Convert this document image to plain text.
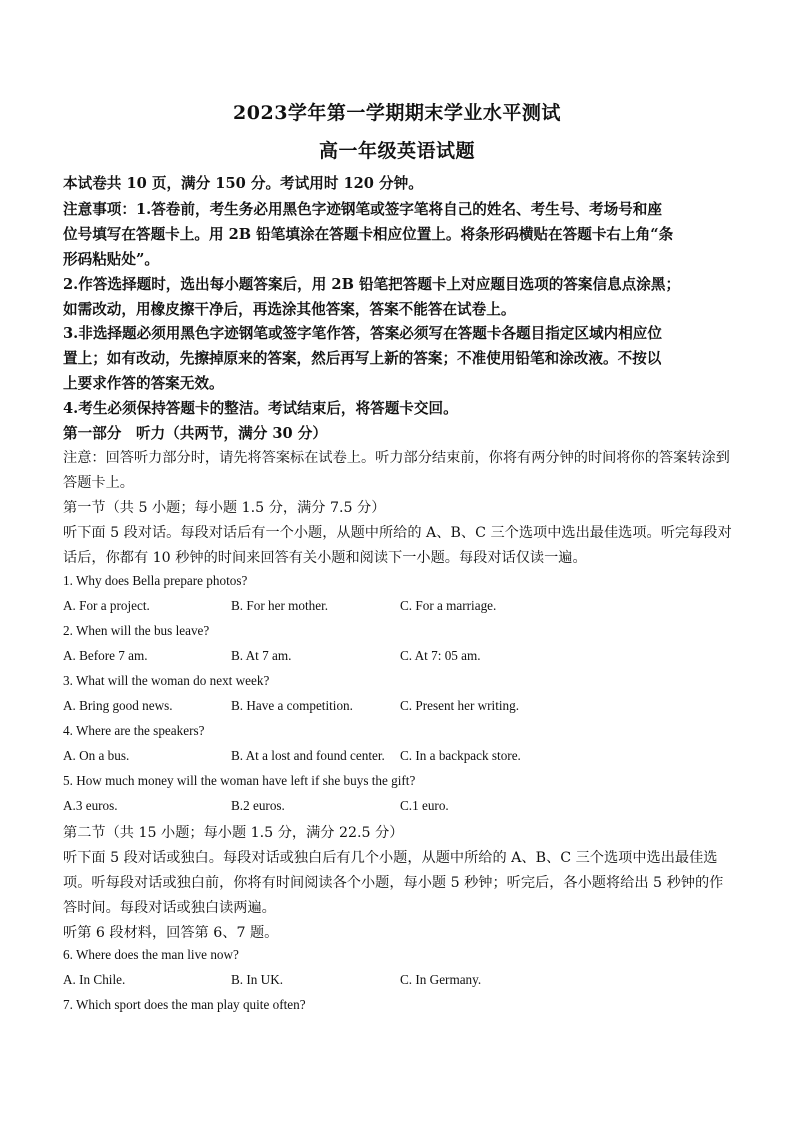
2023学年第一学期期末学业水平测试
高一年级英语试题
本试卷共 10 页，满分 150 分。考试用时 120 分钟。
注意事项：1.答卷前，考生务必用黑色字迹钢笔或签字笔将自己的姓名、考生号、考场号和座
位号填写在答题卡上。用 2B 铅笔填涂在答题卡相应位置上。将条形码横贴在答题卡右上角“条
形码粘贴处”。
2.作答选择题时，选出每小题答案后，用 2B 铅笔把答题卡上对应题目选项的答案信息点涂黑；
如需改动，用橡皮擦干净后，再选涂其他答案，答案不能答在试卷上。
3.非选择题必须用黑色字迹钢笔或签字笔作答，答案必须写在答题卡各题目指定区域内相应位
置上；如有改动，先擦掉原来的答案，然后再写上新的答案；不准使用铅笔和涂改液。不按以
上要求作答的答案无效。
4.考生必须保持答题卡的整洁。考试结束后，将答题卡交回。
第一部分　听力（共两节，满分 30 分）
注意：回答听力部分时，请先将答案标在试卷上。听力部分结束前，你将有两分钟的时间将你的答案转涂到
答题卡上。
第一节（共 5 小题；每小题 1.5 分，满分 7.5 分）
听下面 5 段对话。每段对话后有一个小题，从题中所给的 A、B、C 三个选项中选出最佳选项。听完每段对
话后，你都有 10 秒钟的时间来回答有关小题和阅读下一小题。每段对话仅读一遍。
1. Why does Bella prepare photos?
A. For a project.	B. For her mother.	C. For a marriage.
2. When will the bus leave?
A. Before 7 am.	B. At 7 am.	C. At 7: 05 am.
3. What will the woman do next week?
A. Bring good news.	B. Have a competition.	C. Present her writing.
4. Where are the speakers?
A. On a bus.	B. At a lost and found center. C. In a backpack store.
5. How much money will the woman have left if she buys the gift?
A.3 euros.	B.2 euros.	C.1 euro.
第二节（共 15 小题；每小题 1.5 分，满分 22.5 分）
听下面 5 段对话或独白。每段对话或独白后有几个小题，从题中所给的 A、B、C 三个选项中选出最佳选
项。听每段对话或独白前，你将有时间阅读各个小题，每小题 5 秒钟；听完后，各小题将给出 5 秒钟的作
答时间。每段对话或独白读两遍。
听第 6 段材料，回答第 6、7 题。
6. Where does the man live now?
A. In Chile.	B. In UK.	C. In Germany.
7. Which sport does the man play quite often?
